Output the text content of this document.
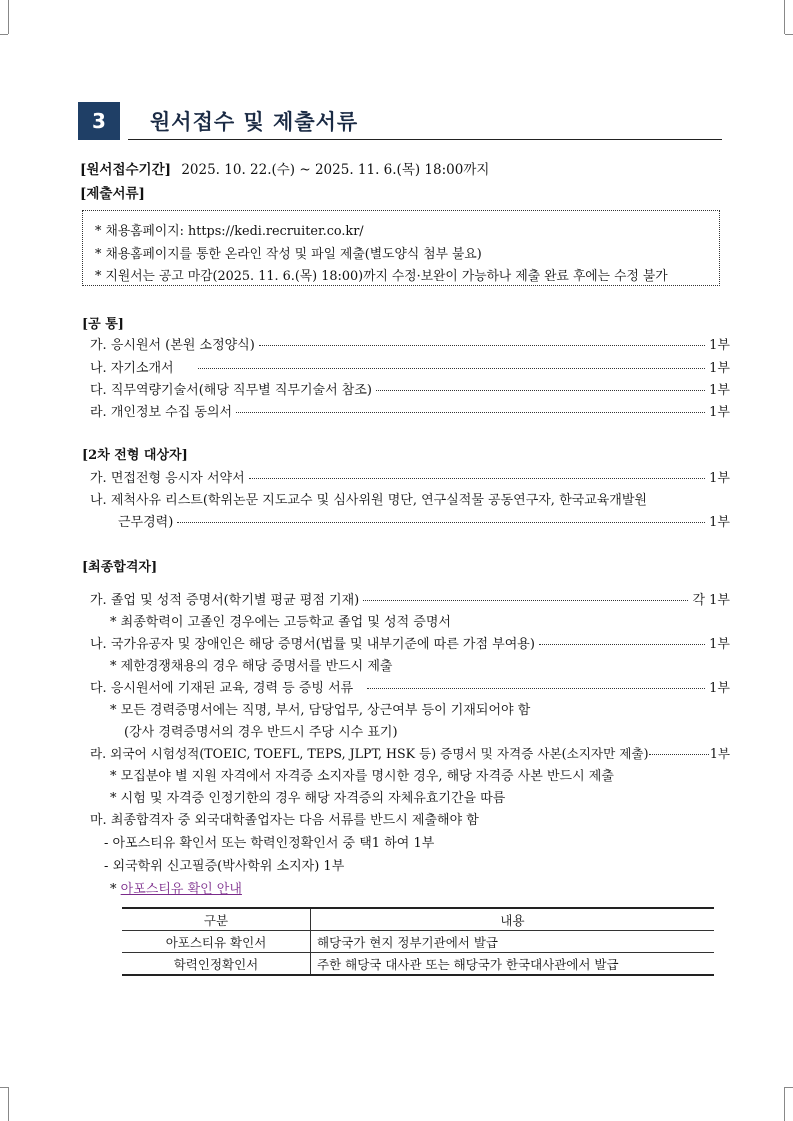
3	원서접수 및 제출서류
[원서접수기간] 2025. 10. 22.(수) ~ 2025. 11. 6.(목) 18:00까지
[제출서류]
* 채용홈페이지: https://kedi.recruiter.co.kr/
* 채용홈페이지를 통한 온라인 작성 및 파일 제출(별도양식 첨부 불요)
* 지원서는 공고 마감(2025. 11. 6.(목) 18:00)까지 수정·보완이 가능하나 제출 완료 후에는 수정 불가
[공 통]
가. 응시원서 (본원 소정양식)	1부
나. 자기소개서	1부
다. 직무역량기술서(해당 직무별 직무기술서 참조)	1부
라. 개인정보 수집 동의서	1부
[2차 전형 대상자]
가. 면접전형 응시자 서약서	1부
나. 제척사유 리스트(학위논문 지도교수 및 심사위원 명단, 연구실적물 공동연구자, 한국교육개발원
근무경력)	1부
[최종합격자]
가. 졸업 및 성적 증명서(학기별 평균 평점 기재)	각 1부
* 최종학력이 고졸인 경우에는 고등학교 졸업 및 성적 증명서
나. 국가유공자 및 장애인은 해당 증명서(법률 및 내부기준에 따른 가점 부여용)	1부
* 제한경쟁채용의 경우 해당 증명서를 반드시 제출
다. 응시원서에 기재된 교육, 경력 등 증빙 서류	1부
* 모든 경력증명서에는 직명, 부서, 담당업무, 상근여부 등이 기재되어야 함
(강사 경력증명서의 경우 반드시 주당 시수 표기)
라. 외국어 시험성적(TOEIC, TOEFL, TEPS, JLPT, HSK 등) 증명서 및 자격증 사본(소지자만 제출)	1부
* 모집분야 별 지원 자격에서 자격증 소지자를 명시한 경우, 해당 자격증 사본 반드시 제출
* 시험 및 자격증 인정기한의 경우 해당 자격증의 자체유효기간을 따름
마. 최종합격자 중 외국대학졸업자는 다음 서류를 반드시 제출해야 함
- 아포스티유 확인서 또는 학력인정확인서 중 택1 하여 1부
- 외국학위 신고필증(박사학위 소지자) 1부
* 아포스티유 확인 안내
구분	내용
아포스티유 확인서	해당국가 현지 정부기관에서 발급
학력인정확인서	주한 해당국 대사관 또는 해당국가 한국대사관에서 발급
